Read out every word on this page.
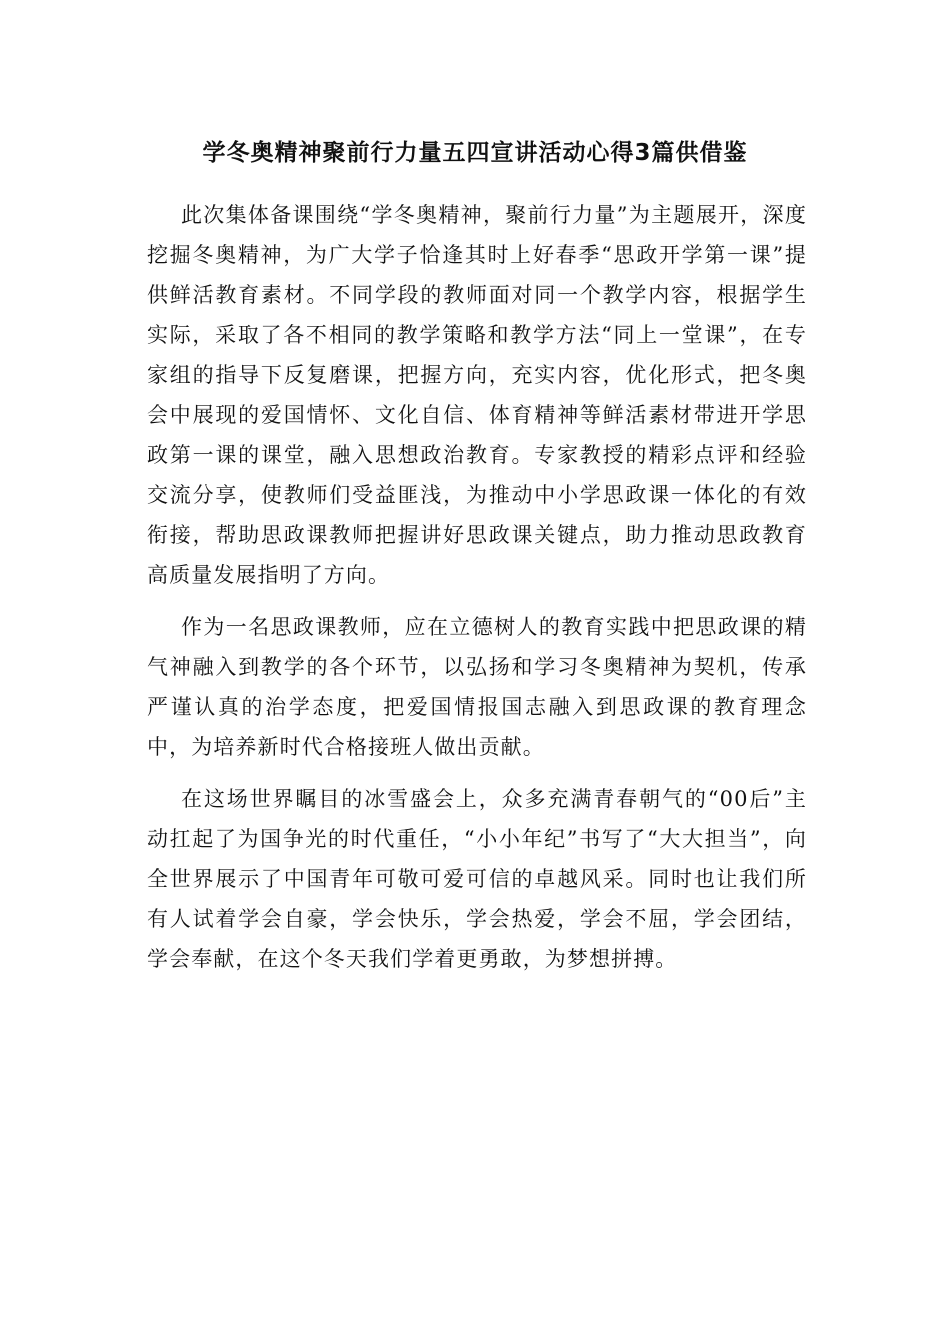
学冬奥精神聚前行力量五四宣讲活动心得3篇供借鉴

此次集体备课围绕“学冬奥精神，聚前行力量”为主题展开，深度挖掘冬奥精神，为广大学子恰逢其时上好春季“思政开学第一课”提供鲜活教育素材。不同学段的教师面对同一个教学内容，根据学生实际，采取了各不相同的教学策略和教学方法“同上一堂课”，在专家组的指导下反复磨课，把握方向，充实内容，优化形式，把冬奥会中展现的爱国情怀、文化自信、体育精神等鲜活素材带进开学思政第一课的课堂，融入思想政治教育。专家教授的精彩点评和经验交流分享，使教师们受益匪浅，为推动中小学思政课一体化的有效衔接，帮助思政课教师把握讲好思政课关键点，助力推动思政教育高质量发展指明了方向。

作为一名思政课教师，应在立德树人的教育实践中把思政课的精气神融入到教学的各个环节，以弘扬和学习冬奥精神为契机，传承严谨认真的治学态度，把爱国情报国志融入到思政课的教育理念中，为培养新时代合格接班人做出贡献。

在这场世界瞩目的冰雪盛会上，众多充满青春朝气的“00后”主动扛起了为国争光的时代重任，“小小年纪”书写了“大大担当”，向全世界展示了中国青年可敬可爱可信的卓越风采。同时也让我们所有人试着学会自豪，学会快乐，学会热爱，学会不屈，学会团结，学会奉献，在这个冬天我们学着更勇敢，为梦想拼搏。
